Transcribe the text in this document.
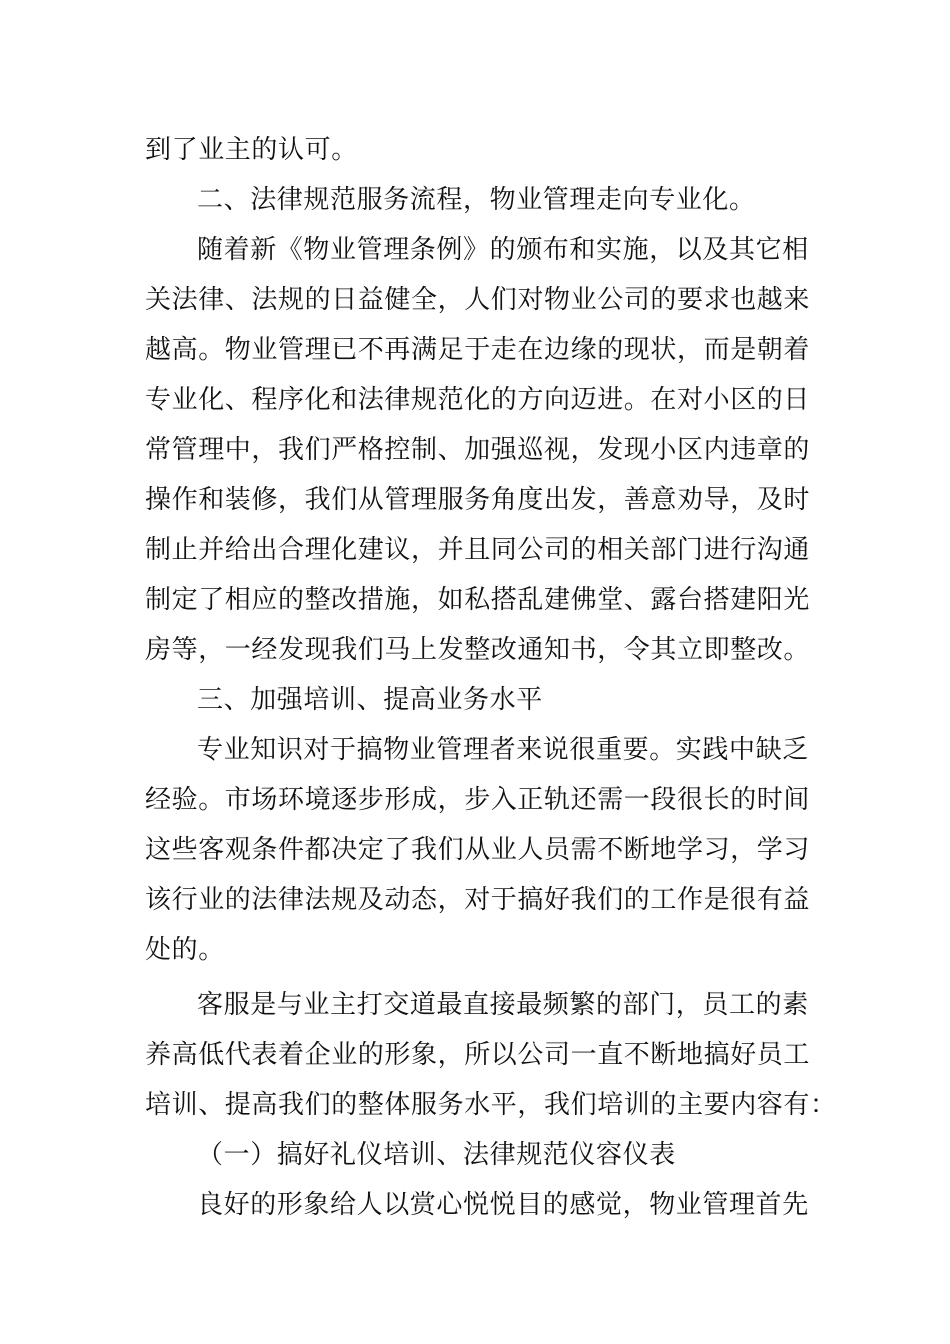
到了业主的认可。
二、法律规范服务流程，物业管理走向专业化。
随着新《物业管理条例》的颁布和实施，以及其它相
关法律、法规的日益健全，人们对物业公司的要求也越来
越高。物业管理已不再满足于走在边缘的现状，而是朝着
专业化、程序化和法律规范化的方向迈进。在对小区的日
常管理中，我们严格控制、加强巡视，发现小区内违章的
操作和装修，我们从管理服务角度出发，善意劝导，及时
制止并给出合理化建议，并且同公司的相关部门进行沟通
制定了相应的整改措施，如私搭乱建佛堂、露台搭建阳光
房等，一经发现我们马上发整改通知书，令其立即整改。
三、加强培训、提高业务水平
专业知识对于搞物业管理者来说很重要。实践中缺乏
经验。市场环境逐步形成，步入正轨还需一段很长的时间
这些客观条件都决定了我们从业人员需不断地学习，学习
该行业的法律法规及动态，对于搞好我们的工作是很有益
处的。
客服是与业主打交道最直接最频繁的部门，员工的素
养高低代表着企业的形象，所以公司一直不断地搞好员工
培训、提高我们的整体服务水平，我们培训的主要内容有：
（一）搞好礼仪培训、法律规范仪容仪表
良好的形象给人以赏心悦悦目的感觉，物业管理首先
